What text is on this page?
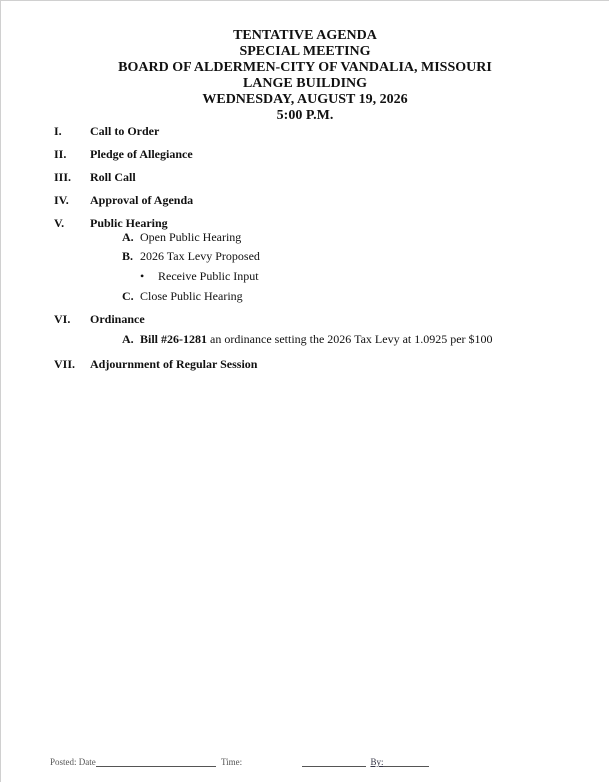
TENTATIVE AGENDA
SPECIAL MEETING
BOARD OF ALDERMEN-CITY OF VANDALIA, MISSOURI
LANGE BUILDING
WEDNESDAY, AUGUST 19, 2026
5:00 P.M.
I. Call to Order
II. Pledge of Allegiance
III. Roll Call
IV. Approval of Agenda
V. Public Hearing
A. Open Public Hearing
B. 2026 Tax Levy Proposed
• Receive Public Input
C. Close Public Hearing
VI. Ordinance
A. Bill #26-1281 an ordinance setting the 2026 Tax Levy at 1.0925 per $100
VII. Adjournment of Regular Session
Posted: Date	Time:	By:
